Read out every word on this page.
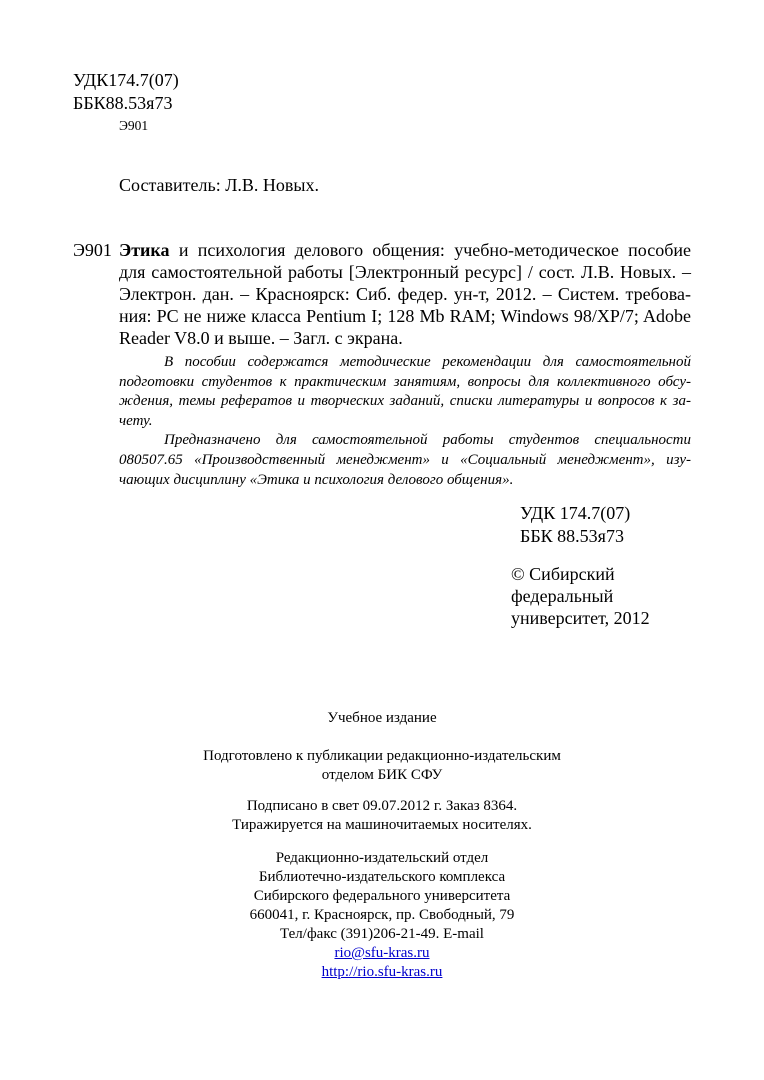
УДК174.7(07)
ББК88.53я73
Э901
Составитель: Л.В. Новых.
Э901 Этика и психология делового общения: учебно-методическое пособие
для самостоятельной работы [Электронный ресурс] / сост. Л.В. Новых. –
Электрон. дан. – Красноярск: Сиб. федер. ун-т, 2012. – Систем. требова-
ния: PC не ниже класса Pentium I; 128 Mb RAM; Windows 98/XP/7; Adobe
Reader V8.0 и выше. – Загл. с экрана.
В пособии содержатся методические рекомендации для самостоятельной
подготовки студентов к практическим занятиям, вопросы для коллективного обсу-
ждения, темы рефератов и творческих заданий, списки литературы и вопросов к за-
чету.
Предназначено для самостоятельной работы студентов специальности
080507.65 «Производственный менеджмент» и «Социальный менеджмент», изу-
чающих дисциплину «Этика и психология делового общения».
УДК 174.7(07)
ББК 88.53я73
© Сибирский
федеральный
университет, 2012
Учебное издание
Подготовлено к публикации редакционно-издательским
отделом БИК СФУ
Подписано в свет 09.07.2012 г. Заказ 8364.
Тиражируется на машиночитаемых носителях.
Редакционно-издательский отдел
Библиотечно-издательского комплекса
Сибирского федерального университета
660041, г. Красноярск, пр. Свободный, 79
Тел/факс (391)206-21-49. E-mail
rio@sfu-kras.ru
http://rio.sfu-kras.ru
